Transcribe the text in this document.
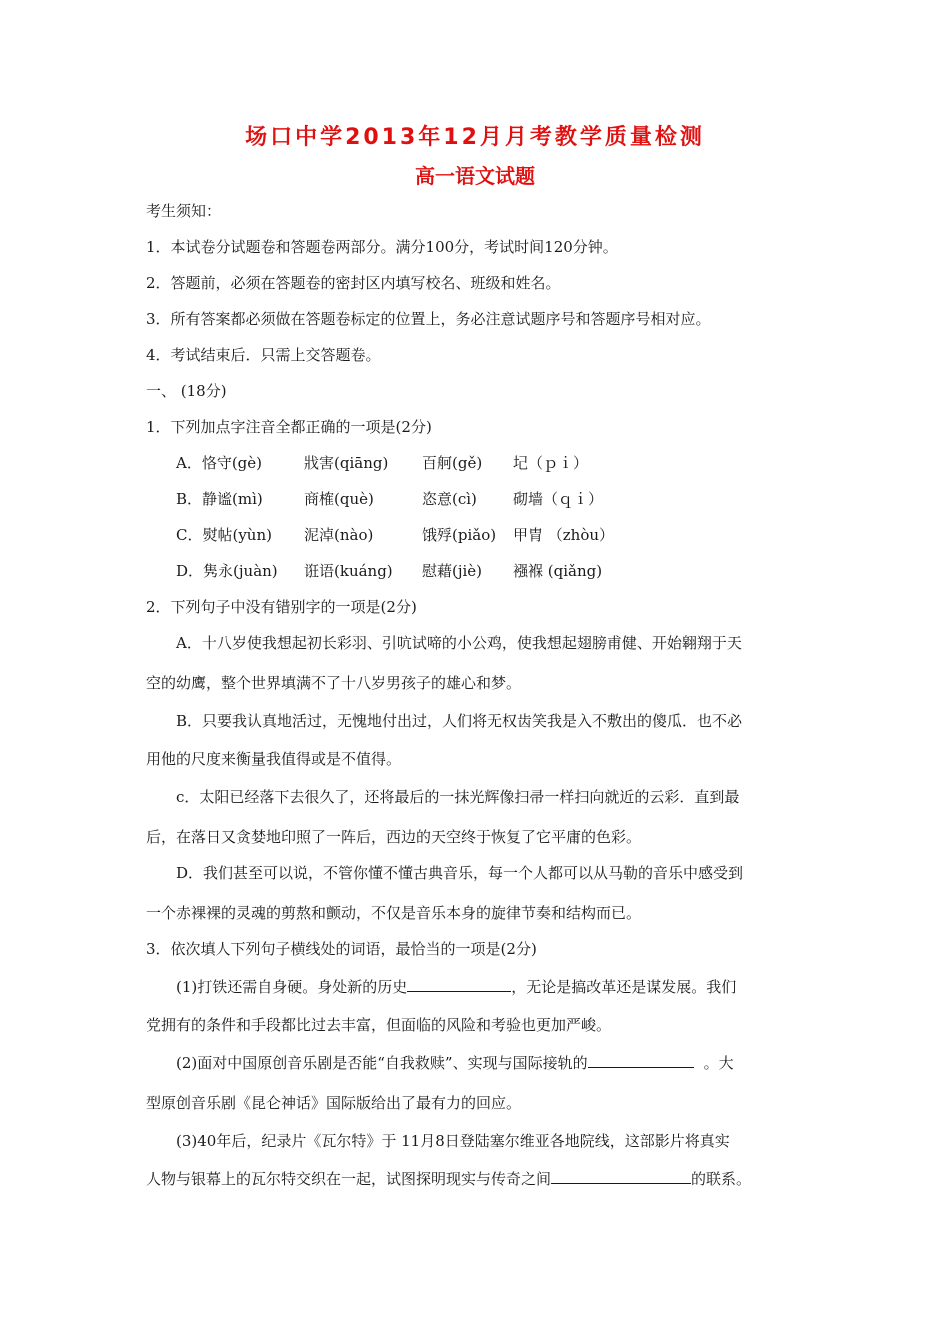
场口中学2013年12月月考教学质量检测
高一语文试题
考生须知：
1．本试卷分试题卷和答题卷两部分。满分100分，考试时间120分钟。
2．答题前，必须在答题卷的密封区内填写校名、班级和姓名。
3．所有答案都必须做在答题卷标定的位置上，务必注意试题序号和答题序号相对应。
4．考试结束后．只需上交答题卷。
一、 (18分)
1．下列加点字注音全都正确的一项是(2分)
A．恪守(gè)	戕害(qiāng) 百舸(gě) 圮（ｐｉ）
B．静谧(mì)	商榷(què)	恣意(cì) 砌墙（ｑｉ）
C．熨帖(yùn) 泥淖(nào)	饿殍(piǎo) 甲胄 （zhòu）
D．隽永(juàn) 诳语(kuáng) 慰藉(jiè) 襁褓 (qiǎng)
2．下列句子中没有错别字的一项是(2分)
A．十八岁使我想起初长彩羽、引吭试啼的小公鸡，使我想起翅膀甫健、开始翱翔于天
空的幼鹰，整个世界填满不了十八岁男孩子的雄心和梦。
B．只要我认真地活过，无愧地付出过，人们将无权齿笑我是入不敷出的傻瓜．也不必
用他的尺度来衡量我值得或是不值得。
c．太阳已经落下去很久了，还将最后的一抹光辉像扫帚一样扫向就近的云彩．直到最
后，在落日又贪婪地印照了一阵后，西边的天空终于恢复了它平庸的色彩。
D．我们甚至可以说，不管你懂不懂古典音乐，每一个人都可以从马勒的音乐中感受到
一个赤裸裸的灵魂的剪熬和颤动，不仅是音乐本身的旋律节奏和结构而已。
3．依次填人下列句子横线处的词语，最恰当的一项是(2分)
(1)打铁还需自身硬。身处新的历史	，无论是搞改革还是谋发展。我们
党拥有的条件和手段都比过去丰富，但面临的风险和考验也更加严峻。
(2)面对中国原创音乐剧是否能“自我救赎”、实现与国际接轨的	。大
型原创音乐剧《昆仑神话》国际版给出了最有力的回应。
(3)40年后，纪录片《瓦尔特》于 11月8日登陆塞尔维亚各地院线，这部影片将真实
人物与银幕上的瓦尔特交织在一起，试图探明现实与传奇之间	的联系。
